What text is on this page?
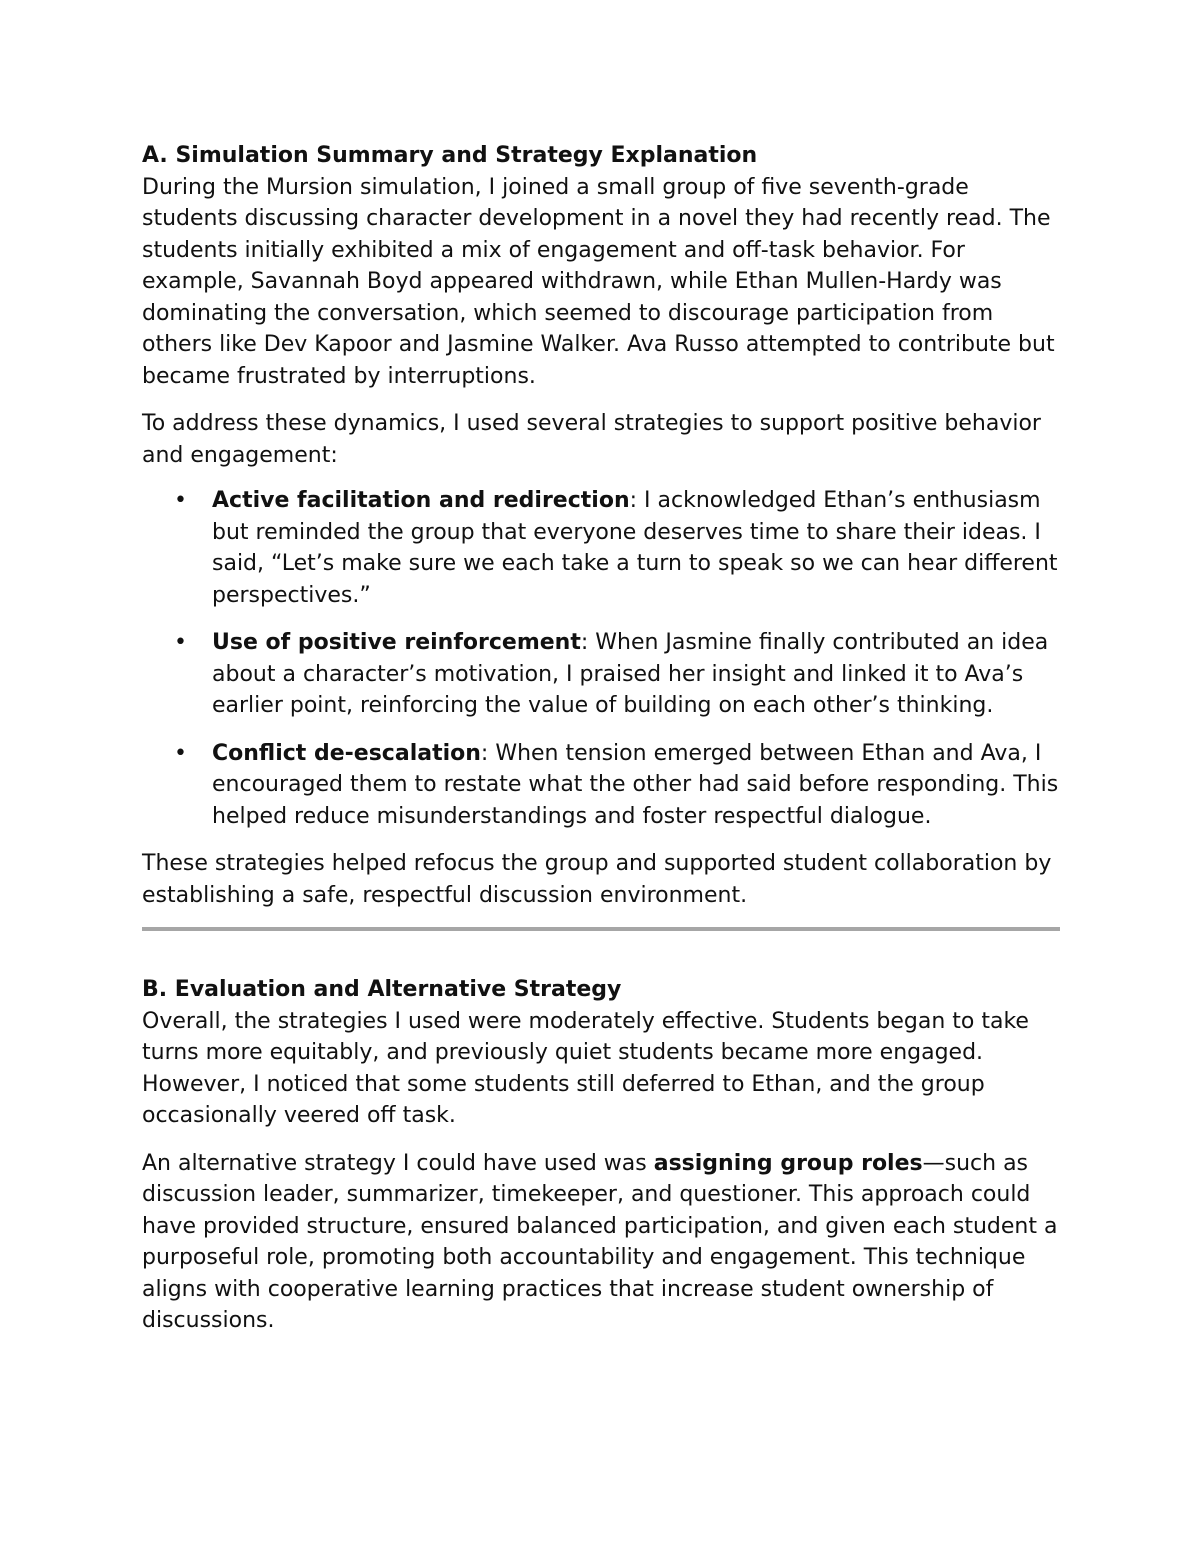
A. Simulation Summary and Strategy Explanation

During the Mursion simulation, I joined a small group of five seventh-grade students discussing character development in a novel they had recently read. The students initially exhibited a mix of engagement and off-task behavior. For example, Savannah Boyd appeared withdrawn, while Ethan Mullen-Hardy was dominating the conversation, which seemed to discourage participation from others like Dev Kapoor and Jasmine Walker. Ava Russo attempted to contribute but became frustrated by interruptions.

To address these dynamics, I used several strategies to support positive behavior and engagement:

• Active facilitation and redirection: I acknowledged Ethan’s enthusiasm but reminded the group that everyone deserves time to share their ideas. I said, “Let’s make sure we each take a turn to speak so we can hear different perspectives.”
• Use of positive reinforcement: When Jasmine finally contributed an idea about a character’s motivation, I praised her insight and linked it to Ava’s earlier point, reinforcing the value of building on each other’s thinking.
• Conflict de-escalation: When tension emerged between Ethan and Ava, I encouraged them to restate what the other had said before responding. This helped reduce misunderstandings and foster respectful dialogue.

These strategies helped refocus the group and supported student collaboration by establishing a safe, respectful discussion environment.

B. Evaluation and Alternative Strategy

Overall, the strategies I used were moderately effective. Students began to take turns more equitably, and previously quiet students became more engaged. However, I noticed that some students still deferred to Ethan, and the group occasionally veered off task.

An alternative strategy I could have used was assigning group roles—such as discussion leader, summarizer, timekeeper, and questioner. This approach could have provided structure, ensured balanced participation, and given each student a purposeful role, promoting both accountability and engagement. This technique aligns with cooperative learning practices that increase student ownership of discussions.
